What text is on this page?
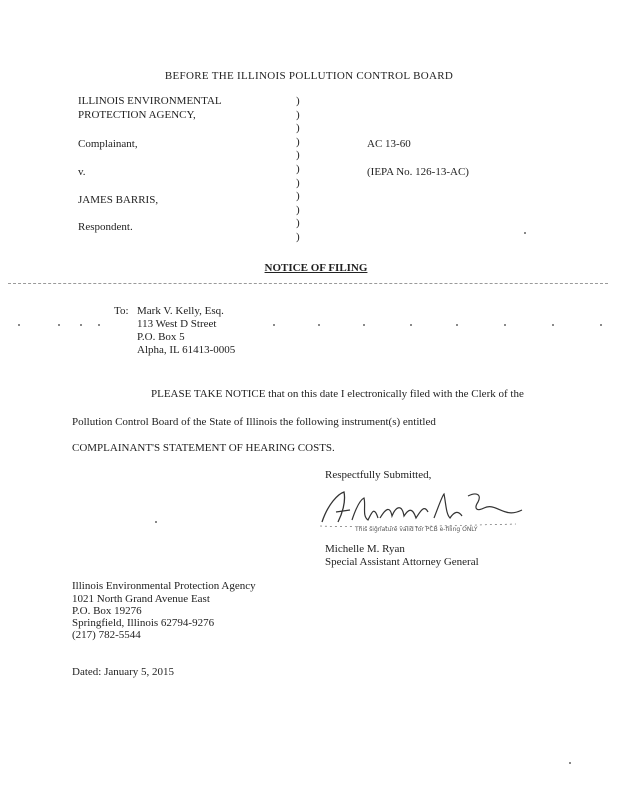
BEFORE THE ILLINOIS POLLUTION CONTROL BOARD
ILLINOIS ENVIRONMENTAL
PROTECTION AGENCY,
Complainant,
v.
JAMES BARRIS,
Respondent.
)
)
)
)
)
)
)
)
)
)
)
AC 13-60
(IEPA No. 126-13-AC)
NOTICE OF FILING
To: Mark V. Kelly, Esq.
113 West D Street
P.O. Box 5
Alpha, IL 61413-0005
PLEASE TAKE NOTICE that on this date I electronically filed with the Clerk of the
Pollution Control Board of the State of Illinois the following instrument(s) entitled
COMPLAINANT'S STATEMENT OF HEARING COSTS.
Respectfully Submitted,
This signature valid for PCB e-filing ONLY
Michelle M. Ryan
Special Assistant Attorney General
Illinois Environmental Protection Agency
1021 North Grand Avenue East
P.O. Box 19276
Springfield, Illinois 62794-9276
(217) 782-5544
Dated: January 5, 2015
